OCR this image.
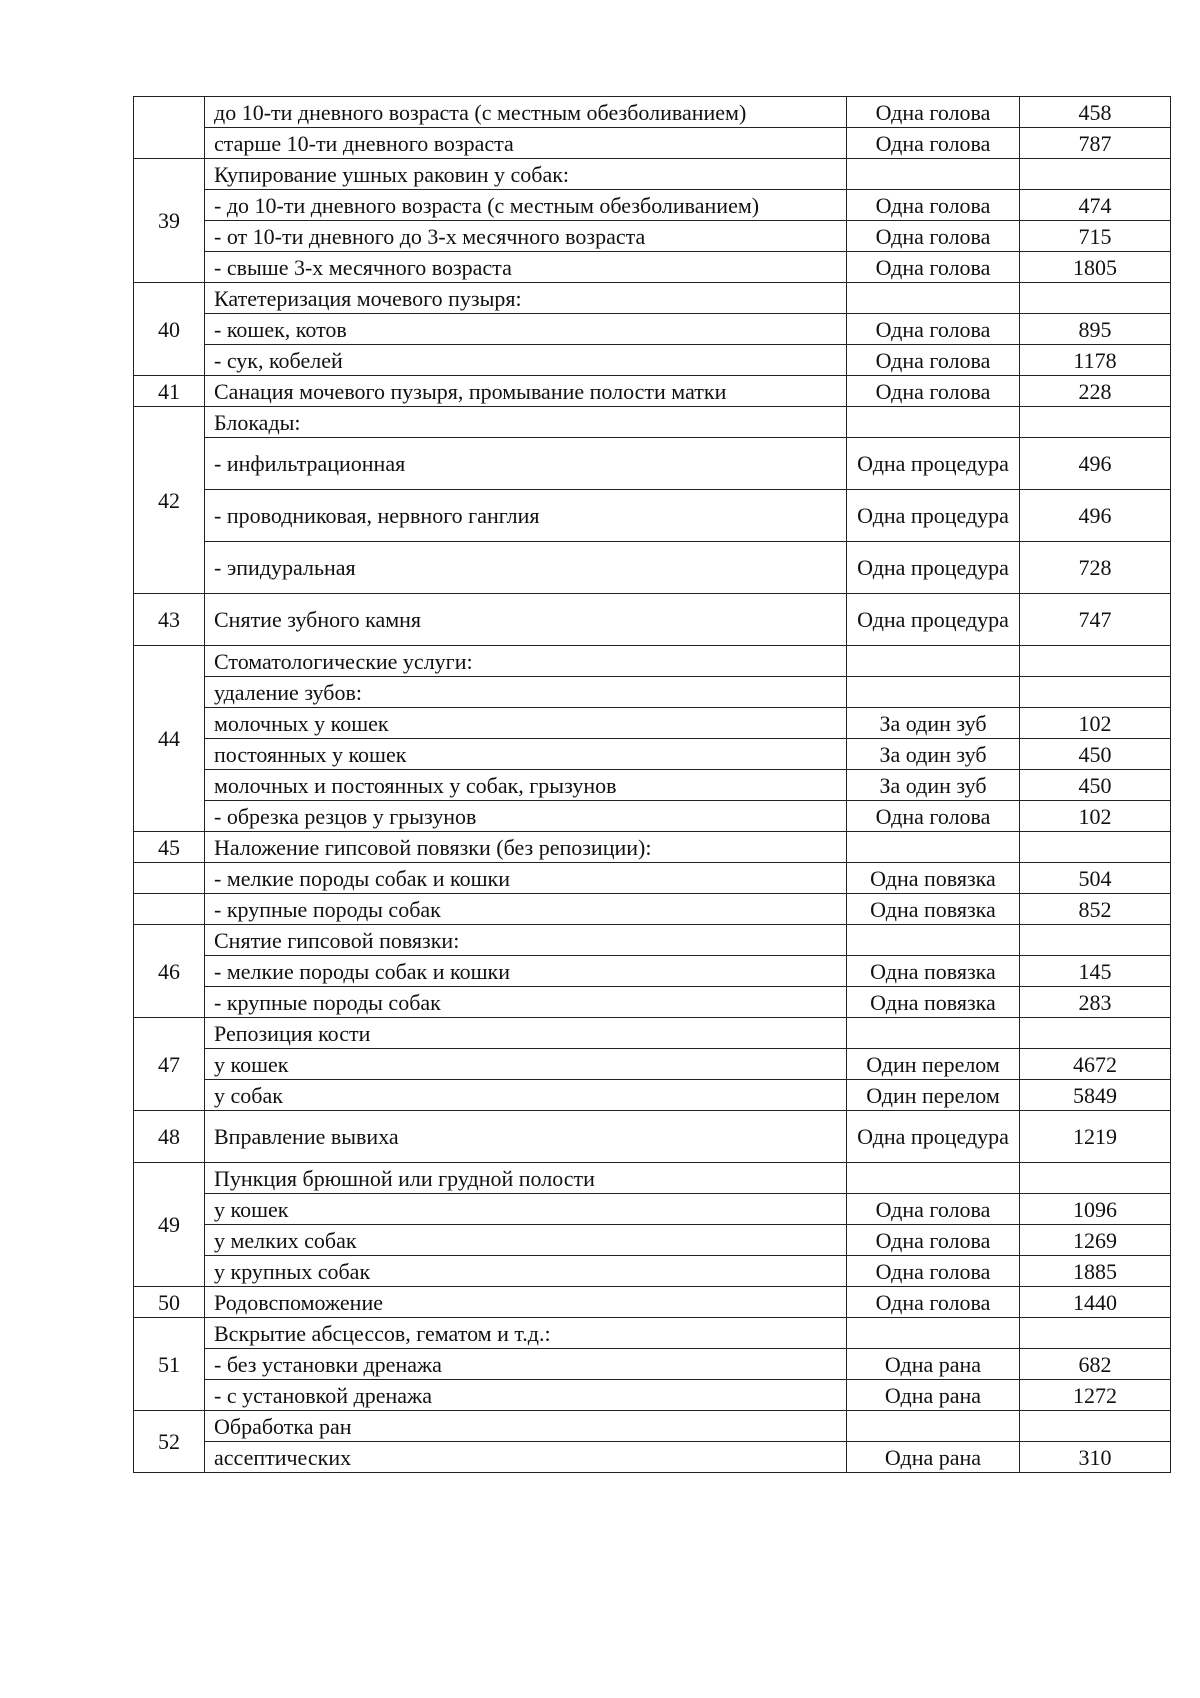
	до 10-ти дневного возраста (с местным обезболиванием)	Одна голова	458
	старше 10-ти дневного возраста	Одна голова	787
39	Купирование ушных раковин у собак:		
	- до 10-ти дневного возраста (с местным обезболиванием)	Одна голова	474
	- от 10-ти дневного до 3-х месячного возраста	Одна голова	715
	- свыше 3-х месячного возраста	Одна голова	1805
40	Катетеризация мочевого пузыря:		
	- кошек, котов	Одна голова	895
	- сук, кобелей	Одна голова	1178
41	Санация мочевого пузыря, промывание полости матки	Одна голова	228
42	Блокады:		
	- инфильтрационная	Одна процедура	496
	- проводниковая, нервного ганглия	Одна процедура	496
	- эпидуральная	Одна процедура	728
43	Снятие зубного камня	Одна процедура	747
44	Стоматологические услуги:		
	удаление зубов:		
	молочных у кошек	За один зуб	102
	постоянных у кошек	За один зуб	450
	молочных и постоянных у собак, грызунов	За один зуб	450
	- обрезка резцов у грызунов	Одна голова	102
45	Наложение гипсовой повязки (без репозиции):		
	- мелкие породы собак и кошки	Одна повязка	504
	- крупные породы собак	Одна повязка	852
46	Снятие гипсовой повязки:		
	- мелкие породы собак и кошки	Одна повязка	145
	- крупные породы собак	Одна повязка	283
47	Репозиция кости		
	у кошек	Один перелом	4672
	у собак	Один перелом	5849
48	Вправление вывиха	Одна процедура	1219
49	Пункция брюшной или грудной полости		
	у кошек	Одна голова	1096
	у мелких собак	Одна голова	1269
	у крупных собак	Одна голова	1885
50	Родовспоможение	Одна голова	1440
51	Вскрытие абсцессов, гематом и т.д.:		
	- без установки дренажа	Одна рана	682
	- с установкой дренажа	Одна рана	1272
52	Обработка ран		
	ассептических	Одна рана	310
